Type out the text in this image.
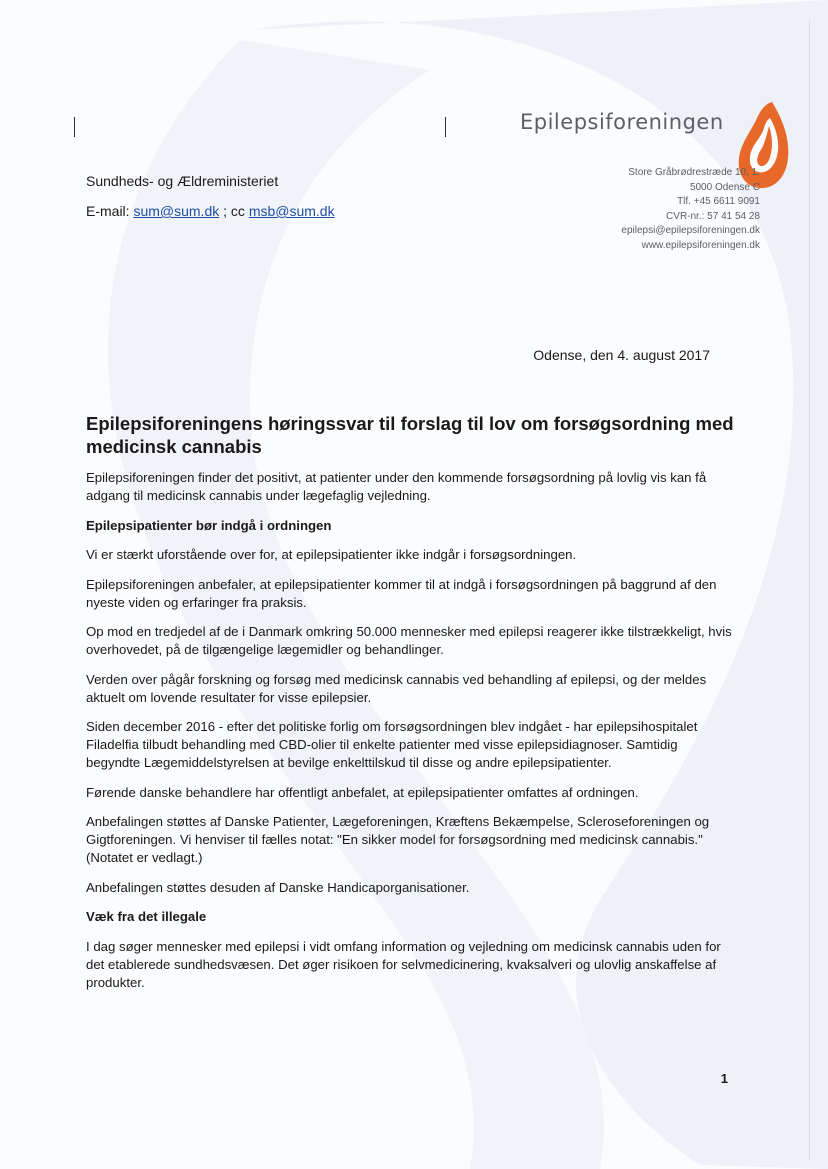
Epilepsiforeningen
Sundheds- og Ældreministeriet
E-mail: sum@sum.dk ; cc msb@sum.dk
Store Gråbrødrestræde 10, 1.
5000 Odense C
Tlf. +45 6611 9091
CVR-nr.: 57 41 54 28
epilepsi@epilepsiforeningen.dk
www.epilepsiforeningen.dk
Odense, den 4. august 2017
Epilepsiforeningens høringssvar til forslag til lov om forsøgsordning med medicinsk cannabis

Epilepsiforeningen finder det positivt, at patienter under den kommende forsøgsordning på lovlig vis kan få adgang til medicinsk cannabis under lægefaglig vejledning.

Epilepsipatienter bør indgå i ordningen

Vi er stærkt uforstående over for, at epilepsipatienter ikke indgår i forsøgsordningen.

Epilepsiforeningen anbefaler, at epilepsipatienter kommer til at indgå i forsøgsordningen på baggrund af den nyeste viden og erfaringer fra praksis.

Op mod en tredjedel af de i Danmark omkring 50.000 mennesker med epilepsi reagerer ikke tilstrækkeligt, hvis overhovedet, på de tilgængelige lægemidler og behandlinger.

Verden over pågår forskning og forsøg med medicinsk cannabis ved behandling af epilepsi, og der meldes aktuelt om lovende resultater for visse epilepsier.

Siden december 2016 - efter det politiske forlig om forsøgsordningen blev indgået - har epilepsihospitalet Filadelfia tilbudt behandling med CBD-olier til enkelte patienter med visse epilepsidiagnoser. Samtidig begyndte Lægemiddelstyrelsen at bevilge enkelttilskud til disse og andre epilepsipatienter.

Førende danske behandlere har offentligt anbefalet, at epilepsipatienter omfattes af ordningen.

Anbefalingen støttes af Danske Patienter, Lægeforeningen, Kræftens Bekæmpelse, Scleroseforeningen og Gigtforeningen. Vi henviser til fælles notat: "En sikker model for forsøgsordning med medicinsk cannabis." (Notatet er vedlagt.)

Anbefalingen støttes desuden af Danske Handicaporganisationer.

Væk fra det illegale

I dag søger mennesker med epilepsi i vidt omfang information og vejledning om medicinsk cannabis uden for det etablerede sundhedsvæsen. Det øger risikoen for selvmedicinering, kvaksalveri og ulovlig anskaffelse af produkter.

1
